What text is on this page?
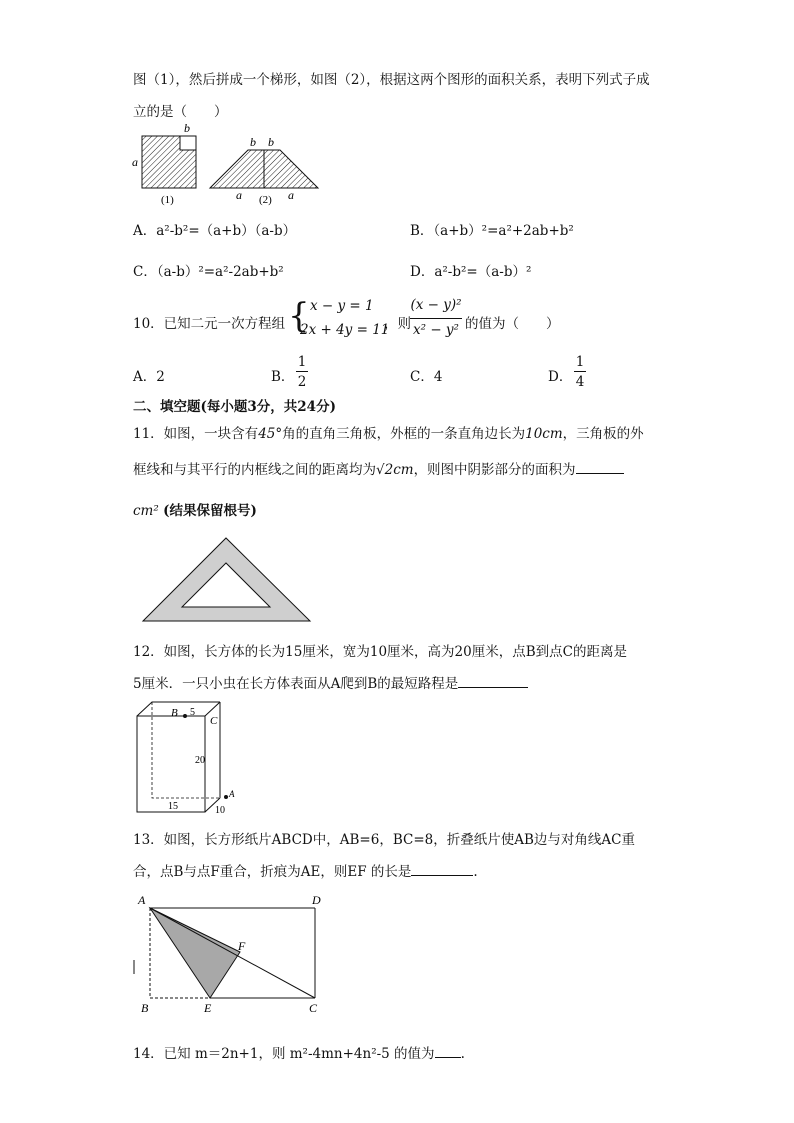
图（1），然后拼成一个梯形，如图（2），根据这两个图形的面积关系，表明下列式子成
立的是（　　）
a
b
(1)
b b
a	a
(2)
A．a²-b²=（a+b）（a-b）	B．（a+b）²=a²+2ab+b²
C．（a-b）²=a²-2ab+b²	D．a²-b²=（a-b）²
10．已知二元一次方程组 { x − y = 1
2x + 4y = 11
，则
(x − y)²
x² − y² 的值为（　　）
A．2	B．
1
2	C．4	D．
1
4
二、填空题(每小题3分，共24分)
11．如图，一块含有45°角的直角三角板，外框的一条直角边长为10cm，三角板的外
框线和与其平行的内框线之间的距离均为√2cm，则图中阴影部分的面积为
cm² (结果保留根号)
12．如图，长方体的长为15厘米，宽为10厘米，高为20厘米，点B到点C的距离是
5厘米．一只小虫在长方体表面从A爬到B的最短路程是
B 5
C
20
A
15	10
13．如图，长方形纸片ABCD中，AB=6，BC=8，折叠纸片使AB边与对角线AC重
合，点B与点F重合，折痕为AE，则EF 的长是	.
A	D
F
B	E	C
14．已知 m＝2n+1，则 m²-4mn+4n²-5 的值为 .
